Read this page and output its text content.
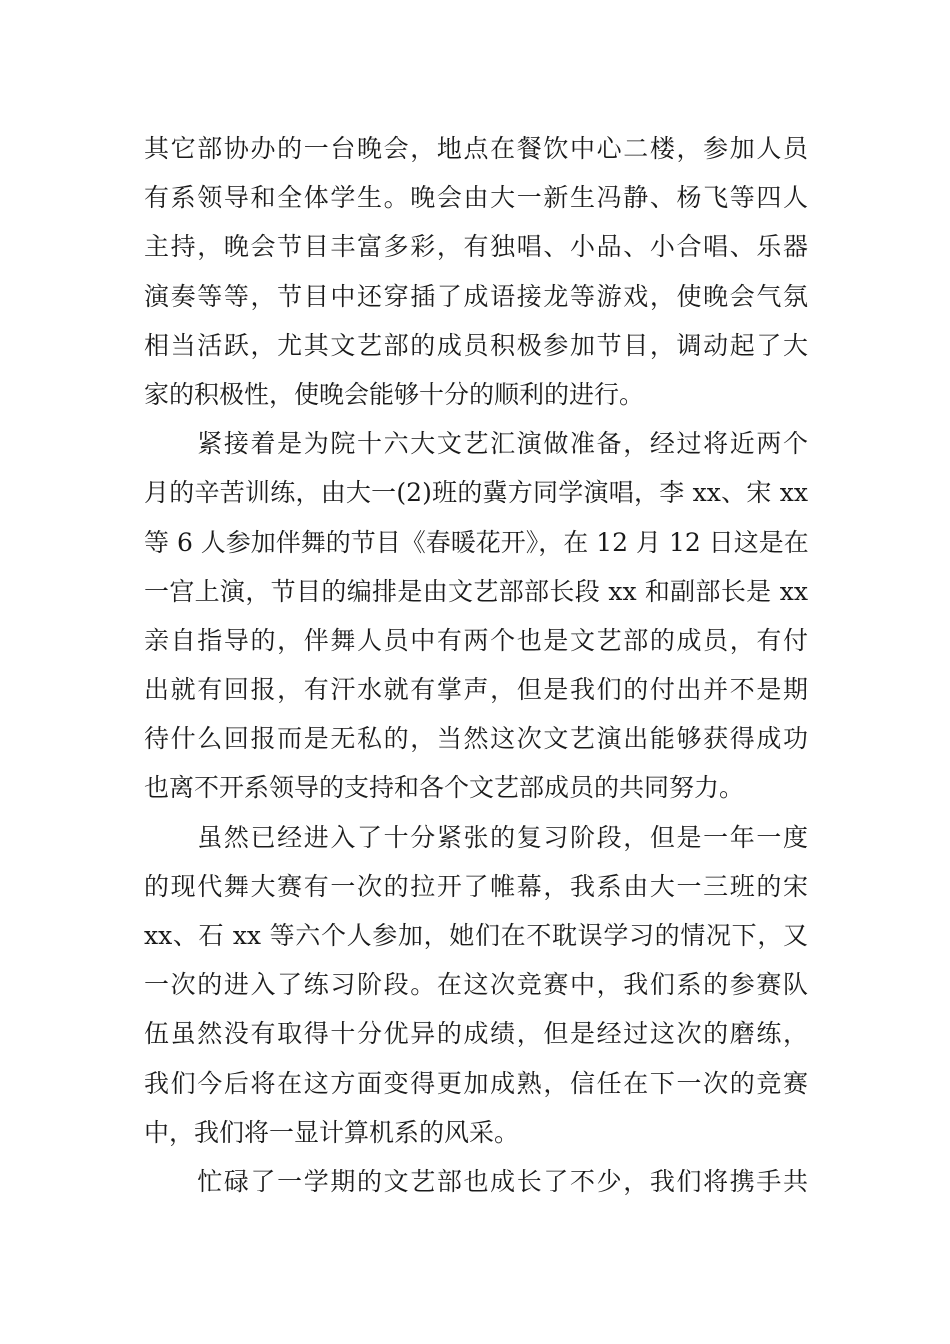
其它部协办的一台晚会，地点在餐饮中心二楼，参加人员
有系领导和全体学生。晚会由大一新生冯静、杨飞等四人
主持，晚会节目丰富多彩，有独唱、小品、小合唱、乐器
演奏等等，节目中还穿插了成语接龙等游戏，使晚会气氛
相当活跃，尤其文艺部的成员积极参加节目，调动起了大
家的积极性，使晚会能够十分的顺利的进行。
　　紧接着是为院十六大文艺汇演做准备，经过将近两个
月的辛苦训练，由大一(2)班的冀方同学演唱，李 xx、宋 xx
等 6 人参加伴舞的节目《春暖花开》，在 12 月 12 日这是在
一宫上演，节目的编排是由文艺部部长段 xx 和副部长是 xx
亲自指导的，伴舞人员中有两个也是文艺部的成员，有付
出就有回报，有汗水就有掌声，但是我们的付出并不是期
待什么回报而是无私的，当然这次文艺演出能够获得成功
也离不开系领导的支持和各个文艺部成员的共同努力。
　　虽然已经进入了十分紧张的复习阶段，但是一年一度
的现代舞大赛有一次的拉开了帷幕，我系由大一三班的宋
xx、石 xx 等六个人参加，她们在不耽误学习的情况下，又
一次的进入了练习阶段。在这次竞赛中，我们系的参赛队
伍虽然没有取得十分优异的成绩，但是经过这次的磨练，
我们今后将在这方面变得更加成熟，信任在下一次的竞赛
中，我们将一显计算机系的风采。
　　忙碌了一学期的文艺部也成长了不少，我们将携手共
